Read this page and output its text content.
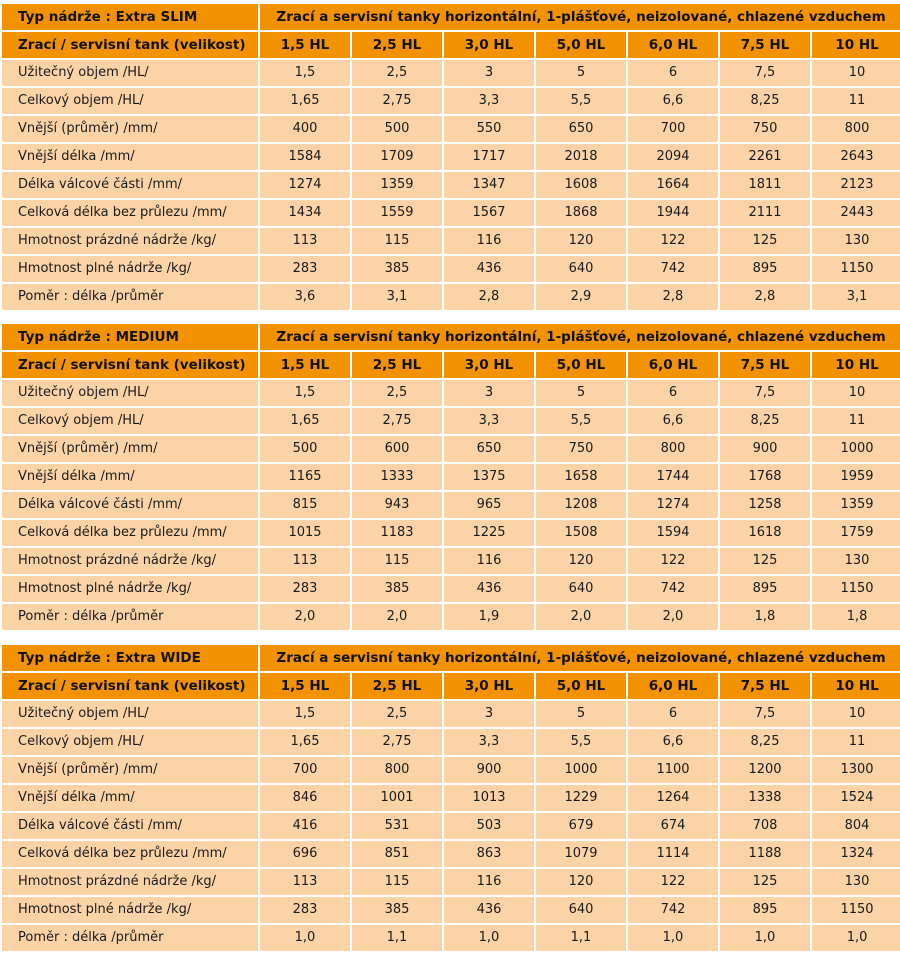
Typ nádrže : Extra SLIM	Zrací a servisní tanky horizontální, 1-plášťové, neizolované, chlazené vzduchem						
Zrací / servisní tank (velikost)	1,5 HL	2,5 HL	3,0 HL	5,0 HL	6,0 HL	7,5 HL	10 HL
Užitečný objem /HL/	1,5	2,5	3	5	6	7,5	10
Celkový objem /HL/	1,65	2,75	3,3	5,5	6,6	8,25	11
Vnější (průměr) /mm/	400	500	550	650	700	750	800
Vnější délka /mm/	1584	1709	1717	2018	2094	2261	2643
Délka válcové části /mm/	1274	1359	1347	1608	1664	1811	2123
Celková délka bez průlezu /mm/	1434	1559	1567	1868	1944	2111	2443
Hmotnost prázdné nádrže /kg/	113	115	116	120	122	125	130
Hmotnost plné nádrže /kg/	283	385	436	640	742	895	1150
Poměr : délka /průměr	3,6	3,1	2,8	2,9	2,8	2,8	3,1
Typ nádrže : MEDIUM	Zrací a servisní tanky horizontální, 1-plášťové, neizolované, chlazené vzduchem						
Zrací / servisní tank (velikost)	1,5 HL	2,5 HL	3,0 HL	5,0 HL	6,0 HL	7,5 HL	10 HL
Užitečný objem /HL/	1,5	2,5	3	5	6	7,5	10
Celkový objem /HL/	1,65	2,75	3,3	5,5	6,6	8,25	11
Vnější (průměr) /mm/	500	600	650	750	800	900	1000
Vnější délka /mm/	1165	1333	1375	1658	1744	1768	1959
Délka válcové části /mm/	815	943	965	1208	1274	1258	1359
Celková délka bez průlezu /mm/	1015	1183	1225	1508	1594	1618	1759
Hmotnost prázdné nádrže /kg/	113	115	116	120	122	125	130
Hmotnost plné nádrže /kg/	283	385	436	640	742	895	1150
Poměr : délka /průměr	2,0	2,0	1,9	2,0	2,0	1,8	1,8
Typ nádrže : Extra WIDE	Zrací a servisní tanky horizontální, 1-plášťové, neizolované, chlazené vzduchem						
Zrací / servisní tank (velikost)	1,5 HL	2,5 HL	3,0 HL	5,0 HL	6,0 HL	7,5 HL	10 HL
Užitečný objem /HL/	1,5	2,5	3	5	6	7,5	10
Celkový objem /HL/	1,65	2,75	3,3	5,5	6,6	8,25	11
Vnější (průměr) /mm/	700	800	900	1000	1100	1200	1300
Vnější délka /mm/	846	1001	1013	1229	1264	1338	1524
Délka válcové části /mm/	416	531	503	679	674	708	804
Celková délka bez průlezu /mm/	696	851	863	1079	1114	1188	1324
Hmotnost prázdné nádrže /kg/	113	115	116	120	122	125	130
Hmotnost plné nádrže /kg/	283	385	436	640	742	895	1150
Poměr : délka /průměr	1,0	1,1	1,0	1,1	1,0	1,0	1,0
